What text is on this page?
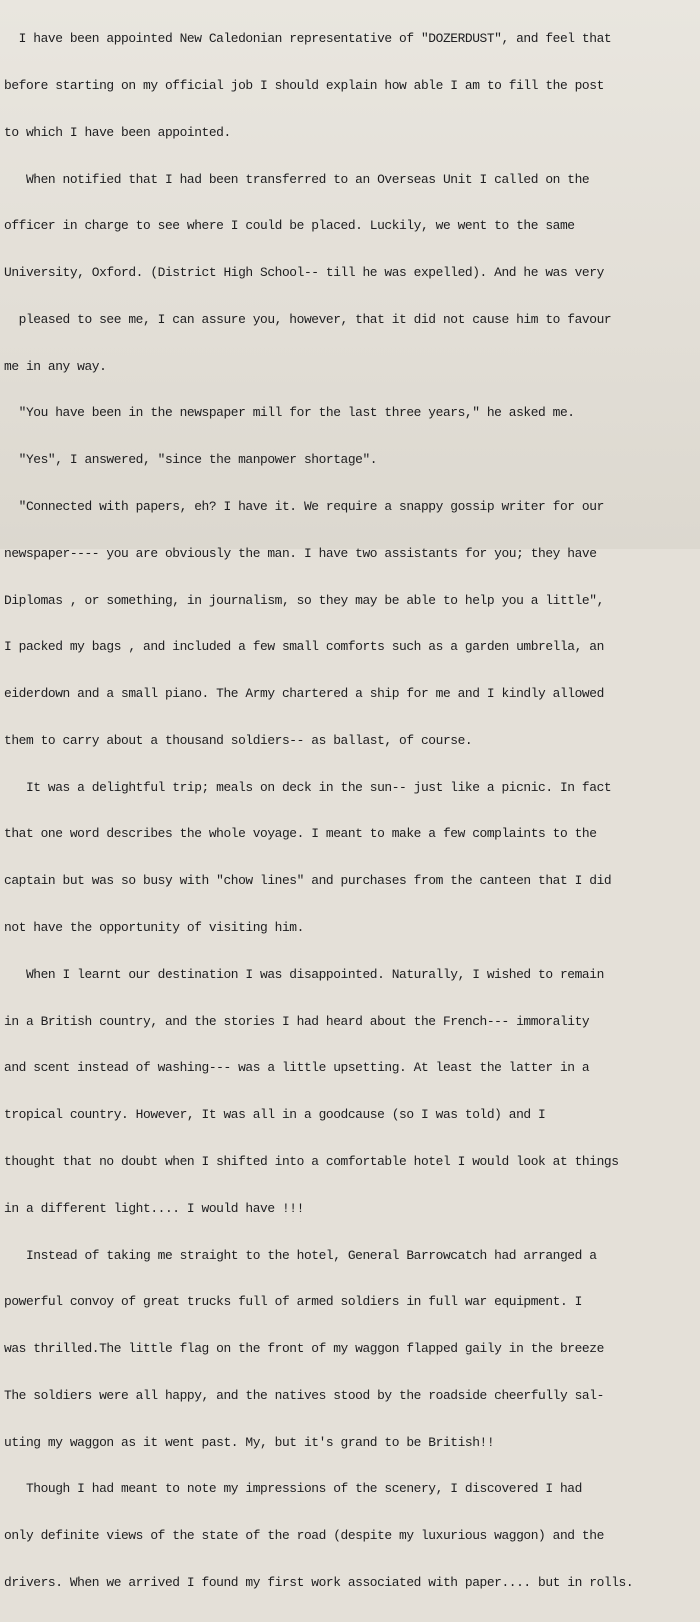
I have been appointed New Caledonian representative of "DOZERDUST", and feel that

before starting on my official job I should explain how able I am to fill the post

to which I have been appointed.

When notified that I had been transferred to an Overseas Unit I called on the

officer in charge to see where I could be placed. Luckily, we went to the same

University, Oxford. (District High School-- till he was expelled). And he was very

pleased to see me, I can assure you, however, that it did not cause him to favour

me in any way.

"You have been in the newspaper mill for the last three years," he asked me.

"Yes", I answered, "since the manpower shortage".

"Connected with papers, eh? I have it. We require a snappy gossip writer for our

newspaper---- you are obviously the man. I have two assistants for you; they have

Diplomas , or something, in journalism, so they may be able to help you a little",

I packed my bags , and included a few small comforts such as a garden umbrella, an

eiderdown and a small piano. The Army chartered a ship for me and I kindly allowed

them to carry about a thousand soldiers-- as ballast, of course.

It was a delightful trip; meals on deck in the sun-- just like a picnic. In fact

that one word describes the whole voyage. I meant to make a few complaints to the

captain but was so busy with "chow lines" and purchases from the canteen that I did

not have the opportunity of visiting him.

When I learnt our destination I was disappointed. Naturally, I wished to remain

in a British country, and the stories I had heard about the French--- immorality

and scent instead of washing--- was a little upsetting. At least the latter in a

tropical country. However, It was all in a goodcause (so I was told) and I

thought that no doubt when I shifted into a comfortable hotel I would look at things

in a different light.... I would have !!!

Instead of taking me straight to the hotel, General Barrowcatch had arranged a

powerful convoy of great trucks full of armed soldiers in full war equipment. I

was thrilled.The little flag on the front of my waggon flapped gaily in the breeze

The soldiers were all happy, and the natives stood by the roadside cheerfully sal-

uting my waggon as it went past. My, but it's grand to be British!!

Though I had meant to note my impressions of the scenery, I discovered I had

only definite views of the state of the road (despite my luxurious waggon) and the

drivers. When we arrived I found my first work associated with paper.... but in rolls.
